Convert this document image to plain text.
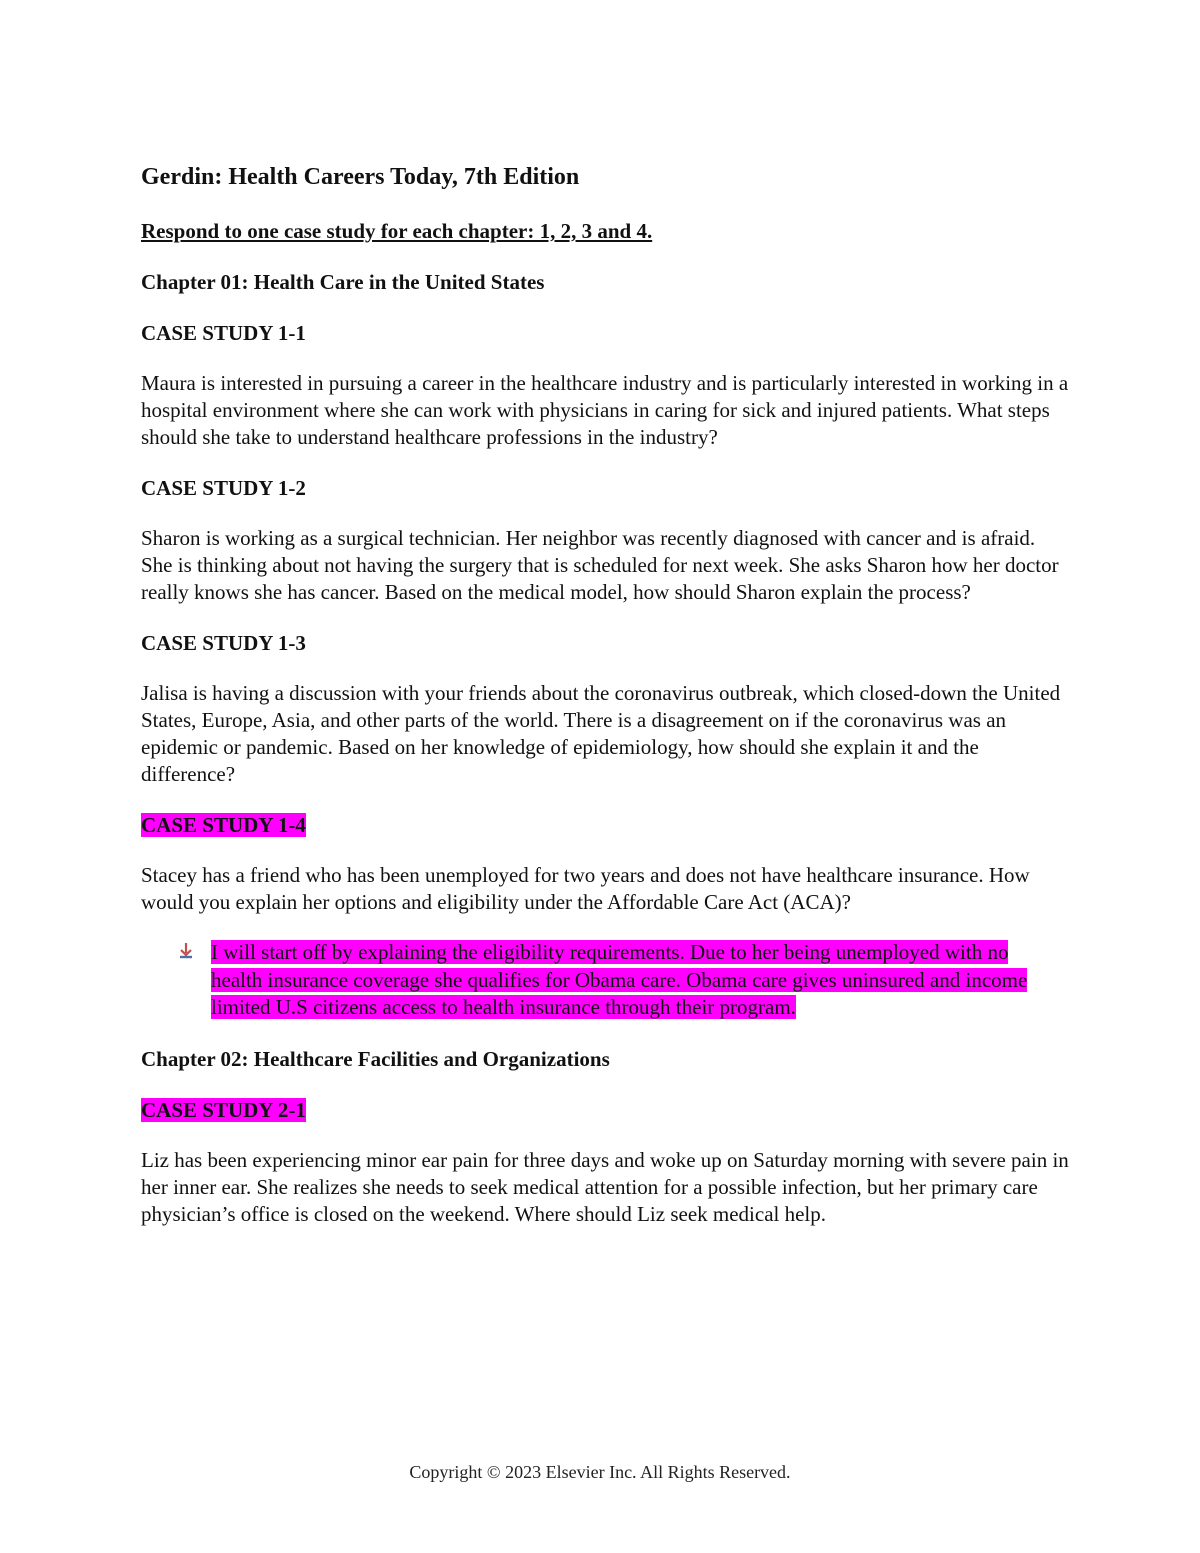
Gerdin: Health Careers Today, 7th Edition
Respond to one case study for each chapter: 1, 2, 3 and 4.
Chapter 01: Health Care in the United States
CASE STUDY 1-1
Maura is interested in pursuing a career in the healthcare industry and is particularly interested in working in a hospital environment where she can work with physicians in caring for sick and injured patients. What steps should she take to understand healthcare professions in the industry?
CASE STUDY 1-2
Sharon is working as a surgical technician. Her neighbor was recently diagnosed with cancer and is afraid. She is thinking about not having the surgery that is scheduled for next week. She asks Sharon how her doctor really knows she has cancer. Based on the medical model, how should Sharon explain the process?
CASE STUDY 1-3
Jalisa is having a discussion with your friends about the coronavirus outbreak, which closed-down the United States, Europe, Asia, and other parts of the world. There is a disagreement on if the coronavirus was an epidemic or pandemic. Based on her knowledge of epidemiology, how should she explain it and the difference?
CASE STUDY 1-4
Stacey has a friend who has been unemployed for two years and does not have healthcare insurance. How would you explain her options and eligibility under the Affordable Care Act (ACA)?
I will start off by explaining the eligibility requirements. Due to her being unemployed with no health insurance coverage she qualifies for Obama care. Obama care gives uninsured and income limited U.S citizens access to health insurance through their program.
Chapter 02: Healthcare Facilities and Organizations
CASE STUDY 2-1
Liz has been experiencing minor ear pain for three days and woke up on Saturday morning with severe pain in her inner ear. She realizes she needs to seek medical attention for a possible infection, but her primary care physician’s office is closed on the weekend. Where should Liz seek medical help.
Copyright © 2023 Elsevier Inc. All Rights Reserved.
